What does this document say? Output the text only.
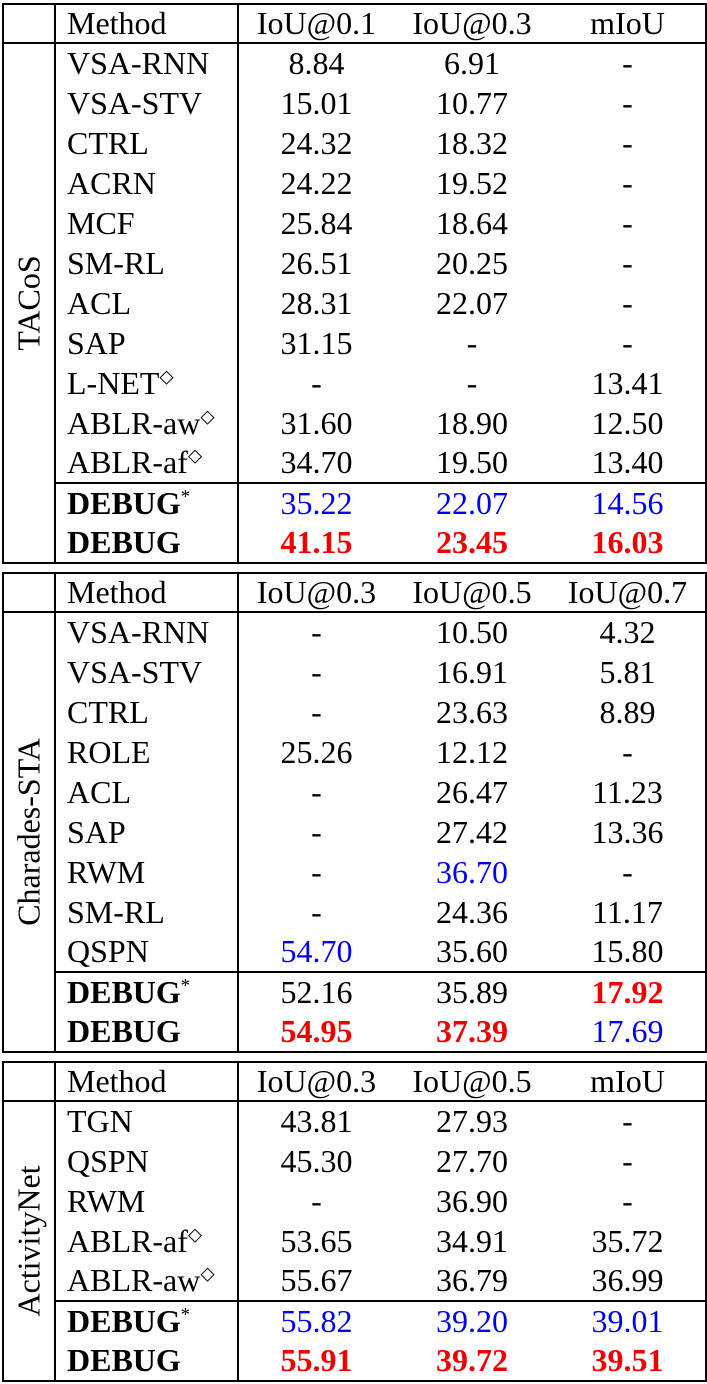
	Method	IoU@0.1	IoU@0.3	mIoU

TACoS	VSA-RNN	8.84	6.91	-
	VSA-STV	15.01	10.77	-
	CTRL	24.32	18.32	-
	ACRN	24.22	19.52	-
	MCF	25.84	18.64	-
	SM-RL	26.51	20.25	-
	ACL	28.31	22.07	-
	SAP	31.15	-	-
	L-NET◇	-	-	13.41
	ABLR-aw◇	31.60	18.90	12.50
	ABLR-af◇	34.70	19.50	13.40
	DEBUG*	35.22	22.07	14.56
	DEBUG	41.15	23.45	16.03
	Method	IoU@0.3	IoU@0.5	IoU@0.7

Charades-STA	VSA-RNN	-	10.50	4.32
	VSA-STV	-	16.91	5.81
	CTRL	-	23.63	8.89
	ROLE	25.26	12.12	-
	ACL	-	26.47	11.23
	SAP	-	27.42	13.36
	RWM	-	36.70	-
	SM-RL	-	24.36	11.17
	QSPN	54.70	35.60	15.80
	DEBUG*	52.16	35.89	17.92
	DEBUG	54.95	37.39	17.69
	Method	IoU@0.3	IoU@0.5	mIoU

ActivityNet	TGN	43.81	27.93	-
	QSPN	45.30	27.70	-
	RWM	-	36.90	-
	ABLR-af◇	53.65	34.91	35.72
	ABLR-aw◇	55.67	36.79	36.99
	DEBUG*	55.82	39.20	39.01
	DEBUG	55.91	39.72	39.51
